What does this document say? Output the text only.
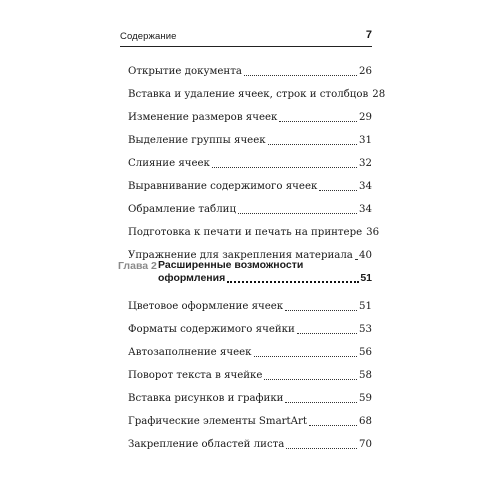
Содержание	7
Открытие документа	26
Вставка и удаление ячеек, строк и столбцов 28
Изменение размеров ячеек	29
Выделение группы ячеек	31
Слияние ячеек	32
Выравнивание содержимого ячеек	34
Обрамление таблиц	34
Подготовка к печати и печать на принтере 36
Упражнение для закрепления материала 40
Глава 2 Расширенные возможности
оформления	51
Цветовое оформление ячеек	51
Форматы содержимого ячейки	53
Автозаполнение ячеек	56
Поворот текста в ячейке	58
Вставка рисунков и графики	59
Графические элементы SmartArt	68
Закрепление областей листа	70
